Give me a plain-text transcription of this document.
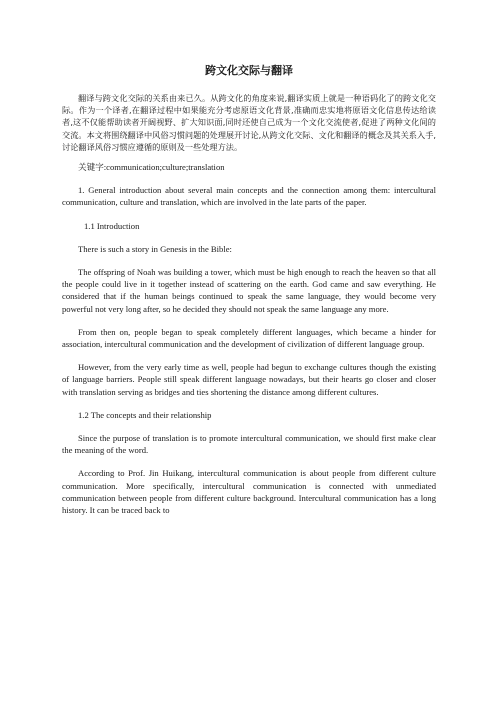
跨文化交际与翻译

翻译与跨文化交际的关系由来已久。从跨文化的角度来说,翻译实质上就是一种语码化了的跨文化交际。作为一个译者,在翻译过程中如果能充分考虑原语文化背景,准确而忠实地将原语文化信息传达给读者,这不仅能帮助读者开阔视野、扩大知识面,同时还使自己成为一个文化交流使者,促进了两种文化间的交流。本文将围绕翻译中风俗习惯问题的处理展开讨论,从跨文化交际、文化和翻译的概念及其关系入手,讨论翻译风俗习惯应遵循的原则及一些处理方法。

关键字:communication;culture;translation

1. General introduction about several main concepts and the connection among them: intercultural communication, culture and translation, which are involved in the late parts of the paper.

1.1 Introduction

There is such a story in Genesis in the Bible:

The offspring of Noah was building a tower, which must be high enough to reach the heaven so that all the people could live in it together instead of scattering on the earth. God came and saw everything. He considered that if the human beings continued to speak the same language, they would become very powerful not very long after, so he decided they should not speak the same language any more.

From then on, people began to speak completely different languages, which became a hinder for association, intercultural communication and the development of civilization of different language group.

However, from the very early time as well, people had begun to exchange cultures though the existing of language barriers. People still speak different language nowadays, but their hearts go closer and closer with translation serving as bridges and ties shortening the distance among different cultures.

1.2 The concepts and their relationship

Since the purpose of translation is to promote intercultural communication, we should first make clear the meaning of the word.

According to Prof. Jin Huikang, intercultural communication is about people from different culture communication. More specifically, intercultural communication is connected with unmediated communication between people from different culture background. Intercultural communication has a long history. It can be traced back to
